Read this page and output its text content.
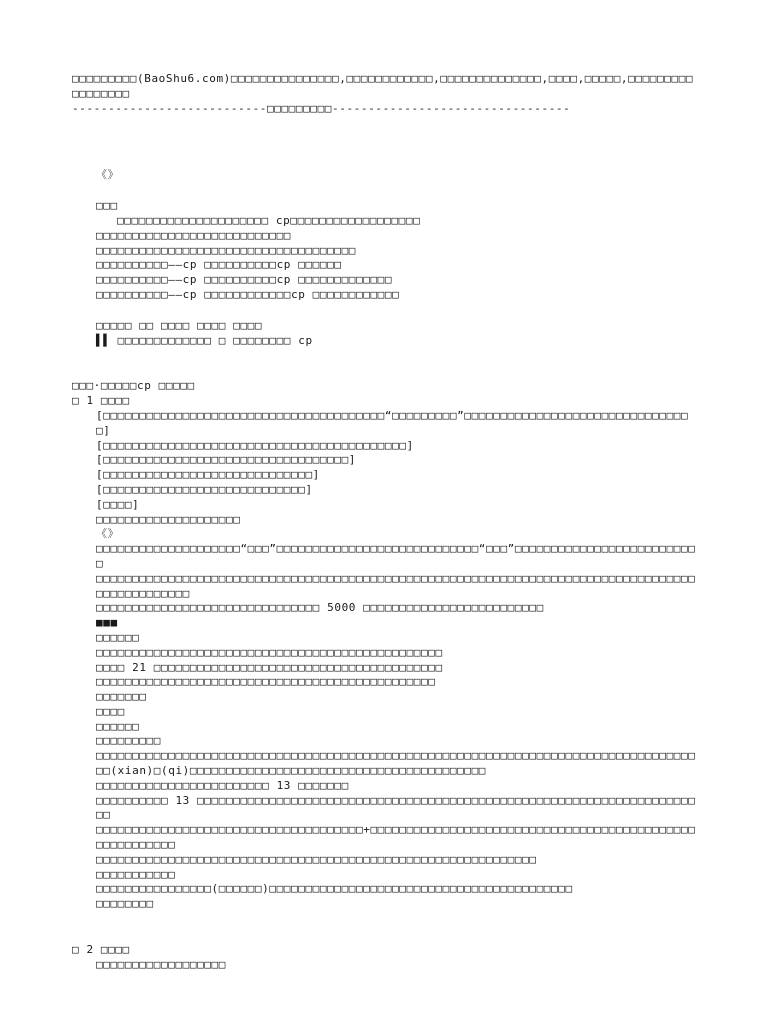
□□□□□□□□□(BaoShu6.com)□□□□□□□□□□□□□□□,□□□□□□□□□□□□,□□□□□□□□□□□□□□,□□□□,□□□□□,□□□□□□□□□□□□□□□□□
---------------------------□□□□□□□□□---------------------------------
《》
□□□
□□□□□□□□□□□□□□□□□□□□□ cp□□□□□□□□□□□□□□□□□□
□□□□□□□□□□□□□□□□□□□□□□□□□□□
□□□□□□□□□□□□□□□□□□□□□□□□□□□□□□□□□□□□
□□□□□□□□□□——cp □□□□□□□□□□cp □□□□□□
□□□□□□□□□□——cp □□□□□□□□□□cp □□□□□□□□□□□□□
□□□□□□□□□□——cp □□□□□□□□□□□□cp □□□□□□□□□□□□
□□□□□ □□ □□□□ □□□□ □□□□
▌▌ □□□□□□□□□□□□□ □ □□□□□□□□ cp
□□□·□□□□□cp □□□□□
□ 1 □□□□
[□□□□□□□□□□□□□□□□□□□□□□□□□□□□□□□□□□□□□□□“□□□□□□□□□”□□□□□□□□□□□□□□□□□□□□□□□□□□□□□□□□]
[□□□□□□□□□□□□□□□□□□□□□□□□□□□□□□□□□□□□□□□□□□]
[□□□□□□□□□□□□□□□□□□□□□□□□□□□□□□□□□□]
[□□□□□□□□□□□□□□□□□□□□□□□□□□□□□]
[□□□□□□□□□□□□□□□□□□□□□□□□□□□□]
[□□□□]
□□□□□□□□□□□□□□□□□□□□
《》
□□□□□□□□□□□□□□□□□□□□“□□□”□□□□□□□□□□□□□□□□□□□□□□□□□□□□“□□□”□□□□□□□□□□□□□□□□□□□□□□□□□□
□□□□□□□□□□□□□□□□□□□□□□□□□□□□□□□□□□□□□□□□□□□□□□□□□□□□□□□□□□□□□□□□□□□□□□□□□□□□□□□□□□□□□□□□□□□□□□□□
□□□□□□□□□□□□□□□□□□□□□□□□□□□□□□□ 5000 □□□□□□□□□□□□□□□□□□□□□□□□□
■■■
□□□□□□
□□□□□□□□□□□□□□□□□□□□□□□□□□□□□□□□□□□□□□□□□□□□□□□□
□□□□ 21 □□□□□□□□□□□□□□□□□□□□□□□□□□□□□□□□□□□□□□□□
□□□□□□□□□□□□□□□□□□□□□□□□□□□□□□□□□□□□□□□□□□□□□□□
□□□□□□□
□□□□
□□□□□□
□□□□□□□□□
□□□□□□□□□□□□□□□□□□□□□□□□□□□□□□□□□□□□□□□□□□□□□□□□□□□□□□□□□□□□□□□□□□□□□□□□□□□□□□□□□□□□□(xian)□(qi)□□□□□□□□□□□□□□□□□□□□□□□□□□□□□□□□□□□□□□□□□
□□□□□□□□□□□□□□□□□□□□□□□□ 13 □□□□□□□
□□□□□□□□□□ 13 □□□□□□□□□□□□□□□□□□□□□□□□□□□□□□□□□□□□□□□□□□□□□□□□□□□□□□□□□□□□□□□□□□□□□□□
□□□□□□□□□□□□□□□□□□□□□□□□□□□□□□□□□□□□□+□□□□□□□□□□□□□□□□□□□□□□□□□□□□□□□□□□□□□□□□□□□□□□□□□□□□□□□□
□□□□□□□□□□□□□□□□□□□□□□□□□□□□□□□□□□□□□□□□□□□□□□□□□□□□□□□□□□□□□
□□□□□□□□□□□
□□□□□□□□□□□□□□□□(□□□□□□)□□□□□□□□□□□□□□□□□□□□□□□□□□□□□□□□□□□□□□□□□□
□□□□□□□□
□ 2 □□□□
□□□□□□□□□□□□□□□□□□
